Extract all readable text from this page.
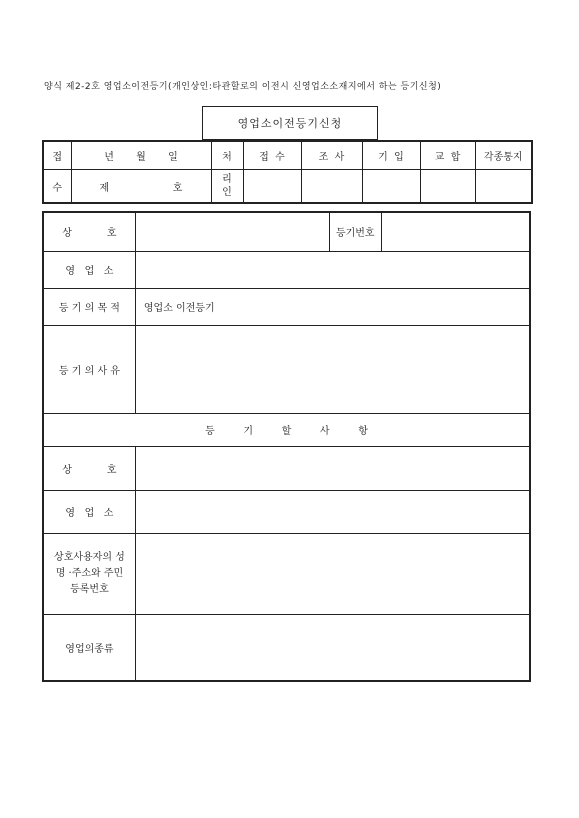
양식 제2-2호 영업소이전등기(개인상인:타관할로의 이전시 신영업소소재지에서 하는 등기신청)
영업소이전등기신청
접	년       월       일	처	접  수	조  사	기  입	교  합	각종통지
수	제                    호	리
인					

상           호		등기번호	
영   업   소			
등 기 의 목 적	영업소 이전등기		
등 기 의 사 유			
등         기         할         사         항			
상           호			
영   업   소			
상호사용자의 성
명 ·주소와 주민
등록번호			
영업의종류			
